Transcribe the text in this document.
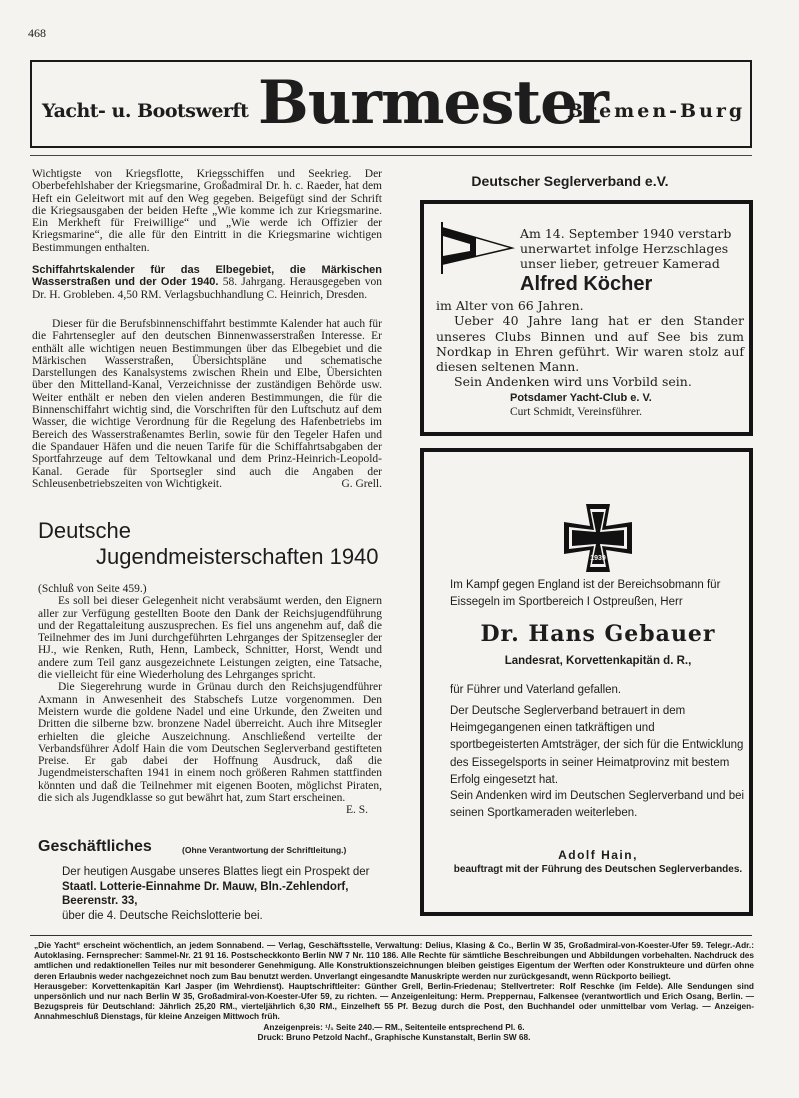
468
Yacht- u. Bootswerft Burmester
Bremen-Burg
Wichtigste von Kriegsflotte, Kriegsschiffen und Seekrieg. Der Oberbefehlshaber der Kriegsmarine, Großadmiral Dr. h. c. Raeder, hat dem Heft ein Geleitwort mit auf den Weg gegeben. Beigefügt sind der Schrift die Kriegsausgaben der beiden Hefte „Wie komme ich zur Kriegsmarine. Ein Merkheft für Freiwillige“ und „Wie werde ich Offizier der Kriegsmarine“, die alle für den Eintritt in die Kriegsmarine wichtigen Bestimmungen enthalten.
Schiffahrtskalender für das Elbegebiet, die Märkischen Wasserstraßen und der Oder 1940. 58. Jahrgang. Herausgegeben von Dr. H. Grobleben. 4,50 RM. Verlagsbuchhandlung C. Heinrich, Dresden.
Dieser für die Berufsbinnenschiffahrt bestimmte Kalender hat auch für die Fahrtensegler auf den deutschen Binnenwasserstraßen Interesse. Er enthält alle wichtigen neuen Bestimmungen über das Elbegebiet und die Märkischen Wasserstraßen, Übersichtspläne und schematische Darstellungen des Kanalsystems zwischen Rhein und Elbe, Übersichten über den Mittelland-Kanal, Verzeichnisse der zuständigen Behörde usw. Weiter enthält er neben den vielen anderen Bestimmungen, die für die Binnenschiffahrt wichtig sind, die Vorschriften für den Luftschutz auf dem Wasser, die wichtige Verordnung für die Regelung des Hafenbetriebs im Bereich des Wasserstraßenamtes Berlin, sowie für den Tegeler Hafen und die Spandauer Häfen und die neuen Tarife für die Schiffahrtsabgaben der Sportfahrzeuge auf dem Teltowkanal und dem Prinz-Heinrich-Leopold-Kanal. Gerade für Sportsegler sind auch die Angaben der Schleusenbetriebszeiten von Wichtigkeit.	G. Grell.
Deutsche
Jugendmeisterschaften 1940
(Schluß von Seite 459.)
Es soll bei dieser Gelegenheit nicht verabsäumt werden, den Eignern aller zur Verfügung gestellten Boote den Dank der Reichsjugendführung und der Regattaleitung auszusprechen. Es fiel uns angenehm auf, daß die Teilnehmer des im Juni durchgeführten Lehrganges der Spitzensegler der HJ., wie Renken, Ruth, Henn, Lambeck, Schnitter, Horst, Wendt und andere zum Teil ganz ausgezeichnete Leistungen zeigten, eine Tatsache, die vielleicht für eine Wiederholung des Lehrganges spricht.
Die Siegerehrung wurde in Grünau durch den Reichsjugendführer Axmann in Anwesenheit des Stabschefs Lutze vorgenommen. Den Meistern wurde die goldene Nadel und eine Urkunde, den Zweiten und Dritten die silberne bzw. bronzene Nadel überreicht. Auch ihre Mitsegler erhielten die gleiche Auszeichnung. Anschließend verteilte der Verbandsführer Adolf Hain die vom Deutschen Seglerverband gestifteten Preise. Er gab dabei der Hoffnung Ausdruck, daß die Jugendmeisterschaften 1941 in einem noch größeren Rahmen stattfinden könnten und daß die Teilnehmer mit eigenen Booten, möglichst Piraten, die sich als Jugendklasse so gut bewährt hat, zum Start erscheinen.
E. S.
Geschäftliches	(Ohne Verantwortung der Schriftleitung.)
Der heutigen Ausgabe unseres Blattes liegt ein Prospekt der
Staatl. Lotterie-Einnahme Dr. Mauw, Bln.-Zehlendorf, Beerenstr. 33,
über die 4. Deutsche Reichslotterie bei.
Deutscher Seglerverband e.V.
Am 14. September 1940 verstarb
unerwartet infolge Herzschlages
unser lieber, getreuer Kamerad
Alfred Köcher
im Alter von 66 Jahren.
Ueber 40 Jahre lang hat er den Stander unseres Clubs Binnen und auf See bis zum Nordkap in Ehren geführt. Wir waren stolz auf diesen seltenen Mann.
Sein Andenken wird uns Vorbild sein.
Potsdamer Yacht-Club e. V.
Curt Schmidt, Vereinsführer.
1939
Im Kampf gegen England ist der Bereichsobmann für Eissegeln im Sportbereich I Ostpreußen, Herr
Dr. Hans Gebauer
Landesrat, Korvettenkapitän d. R.,
für Führer und Vaterland gefallen.
Der Deutsche Seglerverband betrauert in dem Heimgegangenen einen tatkräftigen und sportbegeisterten Amtsträger, der sich für die Entwicklung des Eissegelsports in seiner Heimatprovinz mit bestem Erfolg eingesetzt hat.
Sein Andenken wird im Deutschen Seglerverband und bei seinen Sportkameraden weiterleben.
Adolf Hain,
beauftragt mit der Führung des Deutschen Seglerverbandes.
„Die Yacht“ erscheint wöchentlich, an jedem Sonnabend. — Verlag, Geschäftsstelle, Verwaltung: Delius, Klasing & Co., Berlin W 35, Großadmiral-von-Koester-Ufer 59. Telegr.-Adr.: Autoklasing. Fernsprecher: Sammel-Nr. 21 91 16. Postscheckkonto Berlin NW 7 Nr. 110 186. Alle Rechte für sämtliche Beschreibungen und Abbildungen vorbehalten. Nachdruck des amtlichen und redaktionellen Teiles nur mit besonderer Genehmigung. Alle Konstruktionszeichnungen bleiben geistiges Eigentum der Werften oder Konstrukteure und dürfen ohne deren Erlaubnis weder nachgezeichnet noch zum Bau benutzt werden. Unverlangt eingesandte Manuskripte werden nur zurückgesandt, wenn Rückporto beiliegt.
Herausgeber: Korvettenkapitän Karl Jasper (im Wehrdienst). Hauptschriftleiter: Günther Grell, Berlin-Friedenau; Stellvertreter: Rolf Reschke (im Felde). Alle Sendungen sind unpersönlich und nur nach Berlin W 35, Großadmiral-von-Koester-Ufer 59, zu richten. — Anzeigenleitung: Herm. Preppernau, Falkensee (verantwortlich und Erich Osang, Berlin. — Bezugspreis für Deutschland: Jährlich 25,20 RM., vierteljährlich 6,30 RM., Einzelheft 55 Pf. Bezug durch die Post, den Buchhandel oder unmittelbar vom Verlag. — Anzeigen-Annahmeschluß Dienstags, für kleine Anzeigen Mittwoch früh.
Anzeigenpreis: ¹/₁ Seite 240.— RM., Seitenteile entsprechend Pl. 6.
Druck: Bruno Petzold Nachf., Graphische Kunstanstalt, Berlin SW 68.
